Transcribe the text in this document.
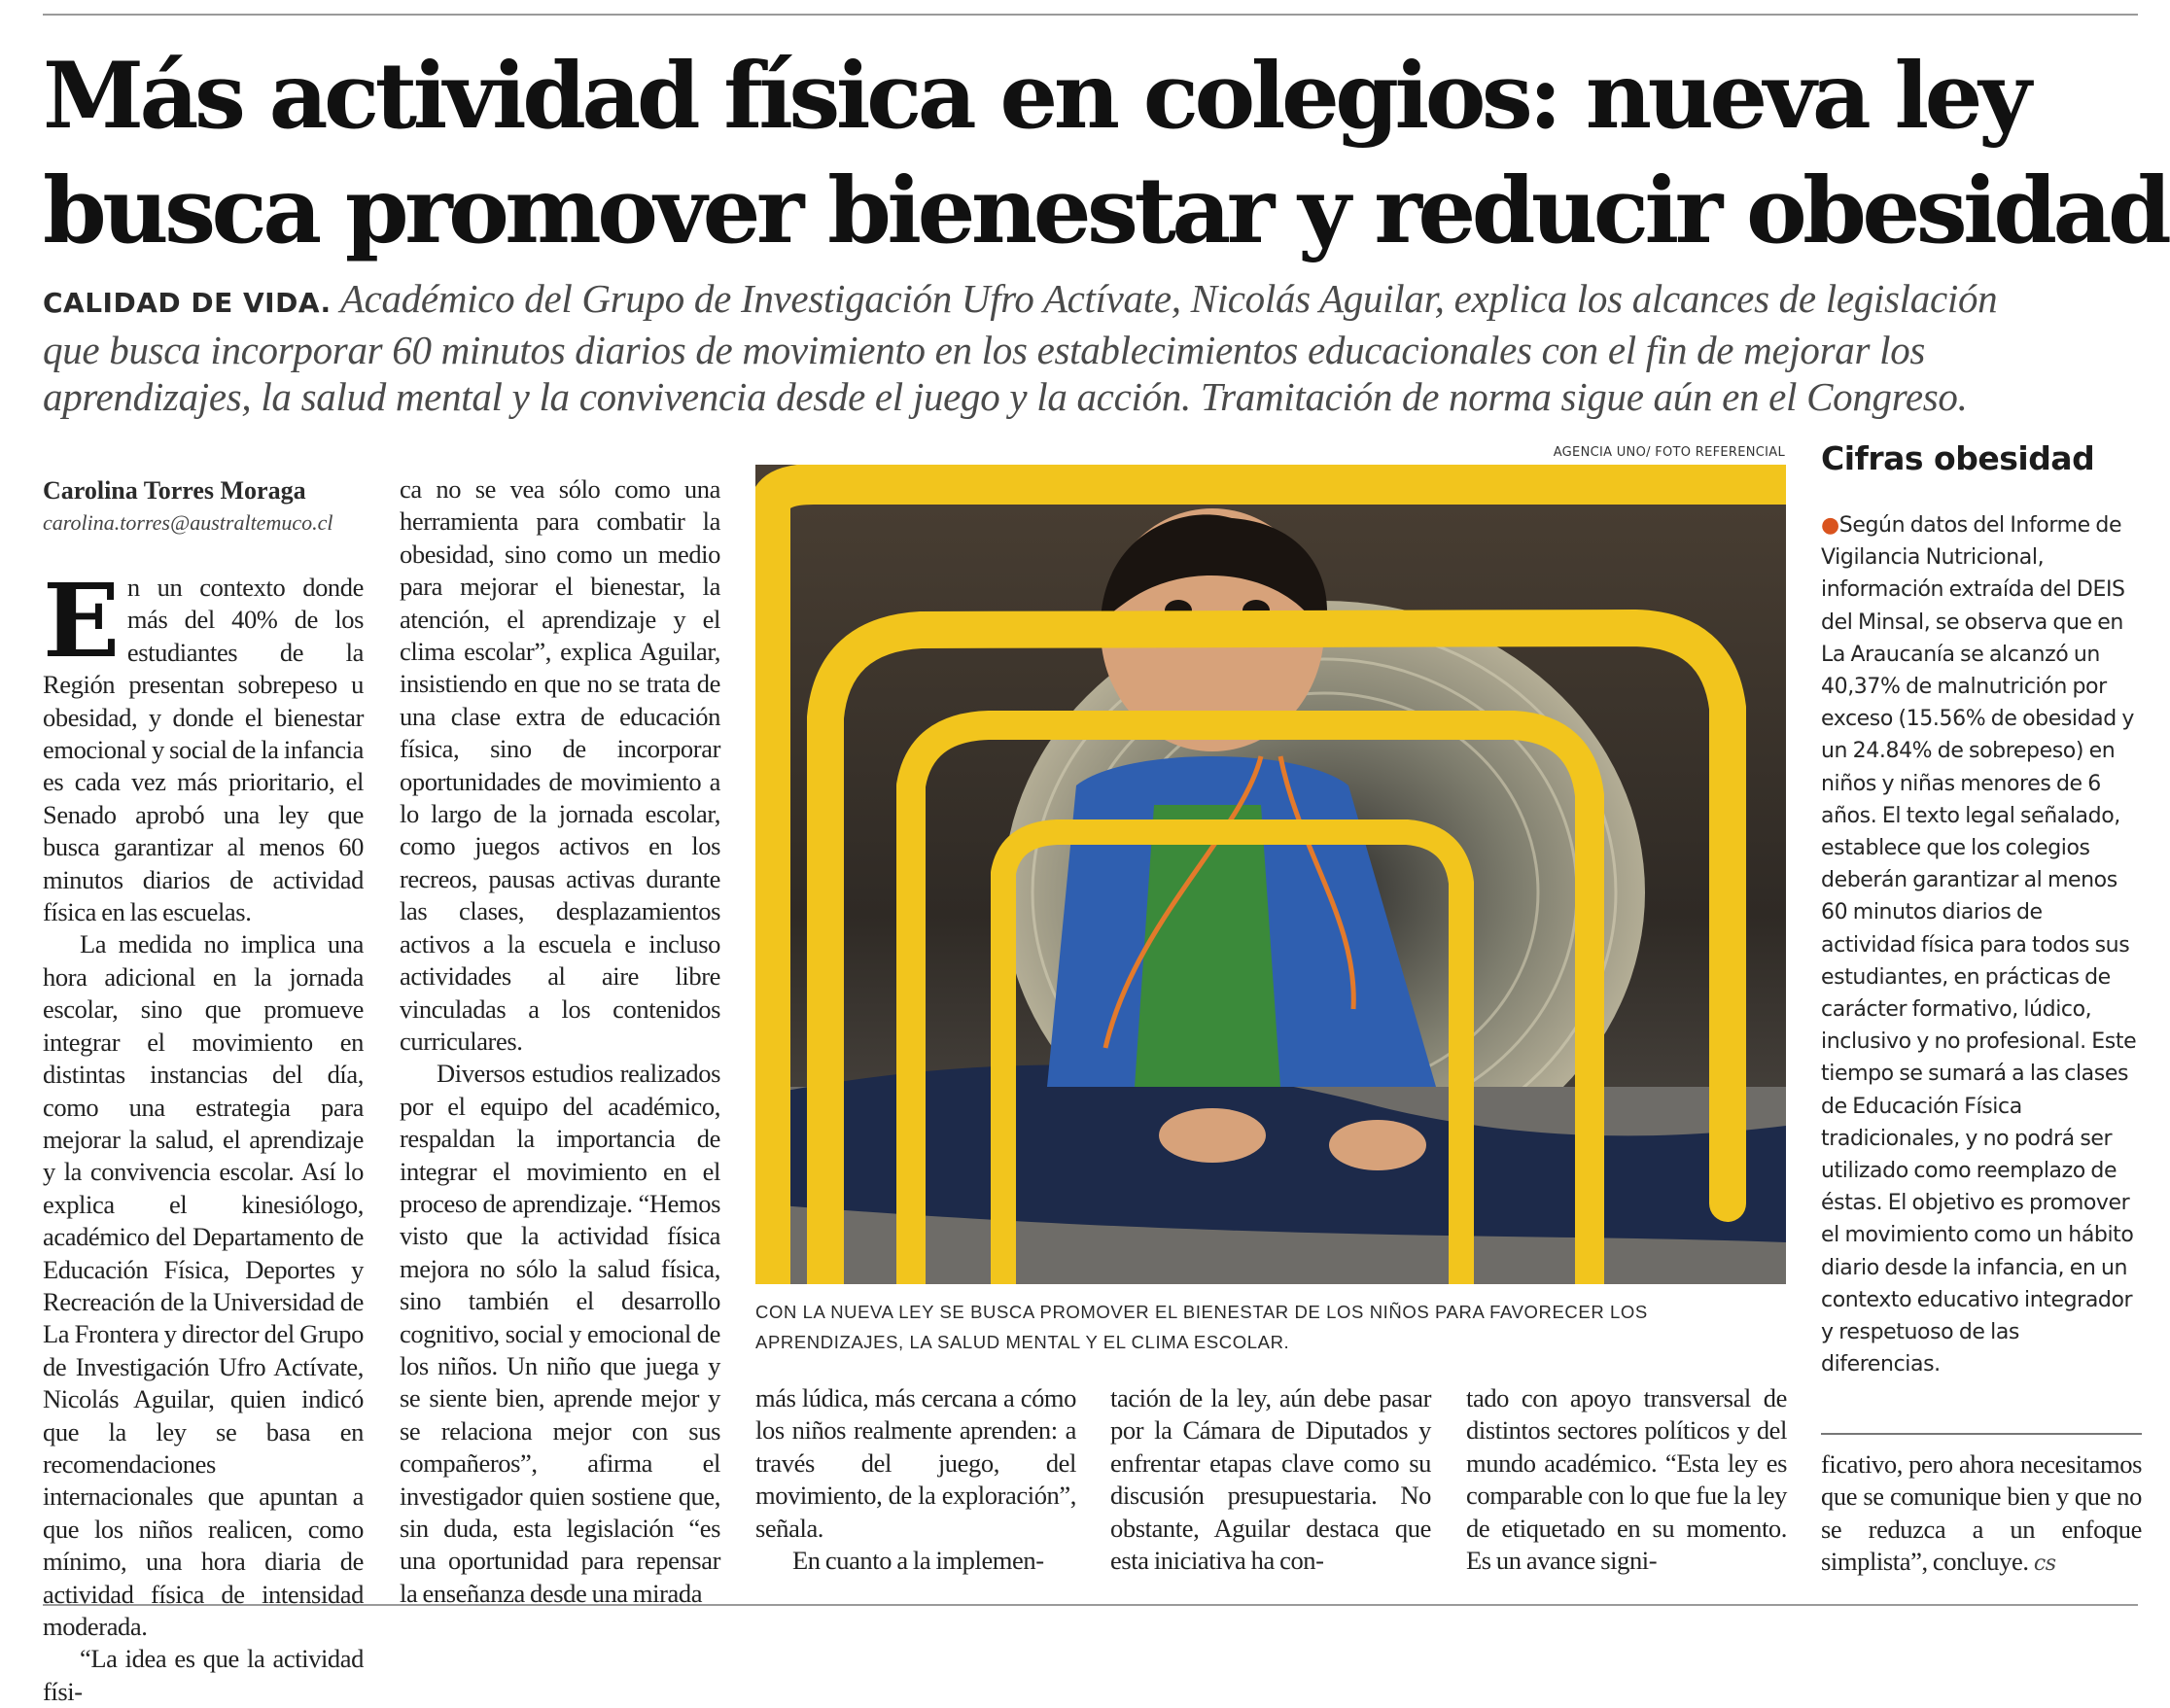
Más actividad física en colegios: nueva ley
busca promover bienestar y reducir obesidad
CALIDAD DE VIDA. Académico del Grupo de Investigación Ufro Actívate, Nicolás Aguilar, explica los alcances de legislación
que busca incorporar 60 minutos diarios de movimiento en los establecimientos educacionales con el fin de mejorar los
aprendizajes, la salud mental y la convivencia desde el juego y la acción. Tramitación de norma sigue aún en el Congreso.
Carolina Torres Moraga
carolina.torres@australtemuco.cl

En un contexto donde más del 40% de los estudiantes de la Región presentan sobrepeso u obesidad, y donde el bienestar emocional y social de la infancia es cada vez más prioritario, el Senado aprobó una ley que busca garantizar al menos 60 minutos diarios de actividad física en las escuelas.

La medida no implica una hora adicional en la jornada escolar, sino que promueve integrar el movimiento en distintas instancias del día, como una estrategia para mejorar la salud, el aprendizaje y la convivencia escolar. Así lo explica el kinesiólogo, académico del Departamento de Educación Física, Deportes y Recreación de la Universidad de La Frontera y director del Grupo de Investigación Ufro Actívate, Nicolás Aguilar, quien indicó que la ley se basa en recomendaciones internacionales que apuntan a que los niños realicen, como mínimo, una hora diaria de actividad física de intensidad moderada.

“La idea es que la actividad físi-

ca no se vea sólo como una herramienta para combatir la obesidad, sino como un medio para mejorar el bienestar, la atención, el aprendizaje y el clima escolar”, explica Aguilar, insistiendo en que no se trata de una clase extra de educación física, sino de incorporar oportunidades de movimiento a lo largo de la jornada escolar, como juegos activos en los recreos, pausas activas durante las clases, desplazamientos activos a la escuela e incluso actividades al aire libre vinculadas a los contenidos curriculares.

Diversos estudios realizados por el equipo del académico, respaldan la importancia de integrar el movimiento en el proceso de aprendizaje. “Hemos visto que la actividad física mejora no sólo la salud física, sino también el desarrollo cognitivo, social y emocional de los niños. Un niño que juega y se siente bien, aprende mejor y se relaciona mejor con sus compañeros”, afirma el investigador quien sostiene que, sin duda, esta legislación “es una oportunidad para repensar la enseñanza desde una mirada

AGENCIA UNO/ FOTO REFERENCIAL
CON LA NUEVA LEY SE BUSCA PROMOVER EL BIENESTAR DE LOS NIÑOS PARA FAVORECER LOS APRENDIZAJES, LA SALUD MENTAL Y EL CLIMA ESCOLAR.
Cifras obesidad
●Según datos del Informe de Vigilancia Nutricional, información extraída del DEIS del Minsal, se observa que en La Araucanía se alcanzó un 40,37% de malnutrición por exceso (15.56% de obesidad y un 24.84% de sobrepeso) en niños y niñas menores de 6 años. El texto legal señalado, establece que los colegios deberán garantizar al menos 60 minutos diarios de actividad física para todos sus estudiantes, en prácticas de carácter formativo, lúdico, inclusivo y no profesional. Este tiempo se sumará a las clases de Educación Física tradicionales, y no podrá ser utilizado como reemplazo de éstas. El objetivo es promover el movimiento como un hábito diario desde la infancia, en un contexto educativo integrador y respetuoso de las diferencias.

más lúdica, más cercana a cómo los niños realmente aprenden: a través del juego, del movimiento, de la exploración”, señala.

En cuanto a la implemen-

tación de la ley, aún debe pasar por la Cámara de Diputados y enfrentar etapas clave como su discusión presupuestaria. No obstante, Aguilar destaca que esta iniciativa ha con-

tado con apoyo transversal de distintos sectores políticos y del mundo académico. “Esta ley es comparable con lo que fue la ley de etiquetado en su momento. Es un avance signi-

ficativo, pero ahora necesitamos que se comunique bien y que no se reduzca a un enfoque simplista”, concluye. cs
